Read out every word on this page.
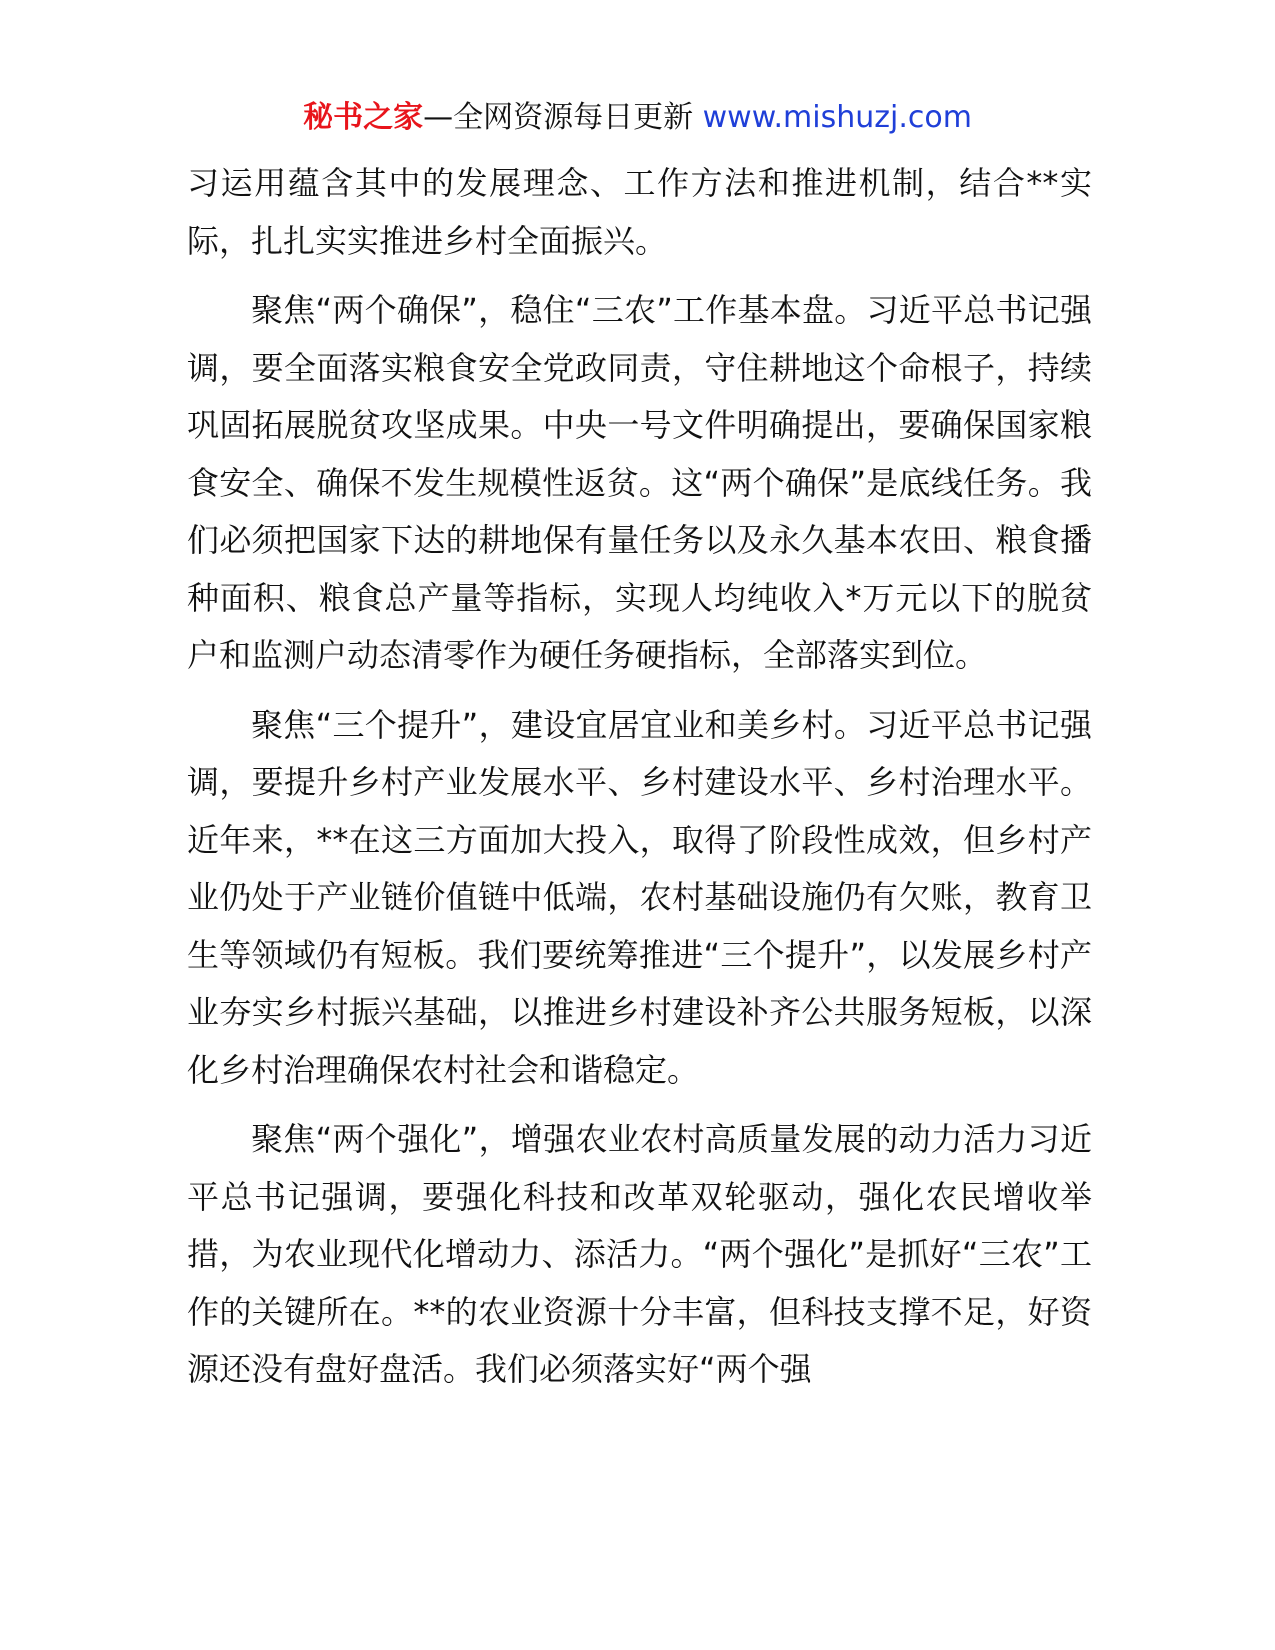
秘书之家—全网资源每日更新 www.mishuzj.com

习运用蕴含其中的发展理念、工作方法和推进机制，结合**实际，扎扎实实推进乡村全面振兴。

聚焦“两个确保”，稳住“三农”工作基本盘。习近平总书记强调，要全面落实粮食安全党政同责，守住耕地这个命根子，持续巩固拓展脱贫攻坚成果。中央一号文件明确提出，要确保国家粮食安全、确保不发生规模性返贫。这“两个确保”是底线任务。我们必须把国家下达的耕地保有量任务以及永久基本农田、粮食播种面积、粮食总产量等指标，实现人均纯收入*万元以下的脱贫户和监测户动态清零作为硬任务硬指标，全部落实到位。

聚焦“三个提升”，建设宜居宜业和美乡村。习近平总书记强调，要提升乡村产业发展水平、乡村建设水平、乡村治理水平。近年来，**在这三方面加大投入，取得了阶段性成效，但乡村产业仍处于产业链价值链中低端，农村基础设施仍有欠账，教育卫生等领域仍有短板。我们要统筹推进“三个提升”，以发展乡村产业夯实乡村振兴基础，以推进乡村建设补齐公共服务短板，以深化乡村治理确保农村社会和谐稳定。

聚焦“两个强化”，增强农业农村高质量发展的动力活力习近平总书记强调，要强化科技和改革双轮驱动，强化农民增收举措，为农业现代化增动力、添活力。“两个强化”是抓好“三农”工作的关键所在。**的农业资源十分丰富，但科技支撑不足，好资源还没有盘好盘活。我们必须落实好“两个强
